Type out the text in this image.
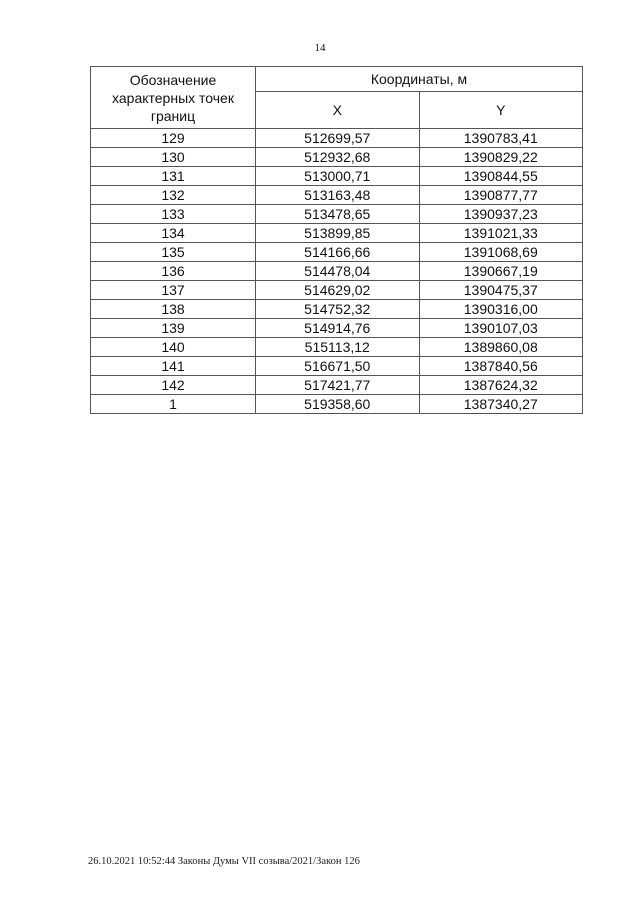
14
Обозначение характерных точек границ	Координаты, м	
	X	Y
129	512699,57	1390783,41
130	512932,68	1390829,22
131	513000,71	1390844,55
132	513163,48	1390877,77
133	513478,65	1390937,23
134	513899,85	1391021,33
135	514166,66	1391068,69
136	514478,04	1390667,19
137	514629,02	1390475,37
138	514752,32	1390316,00
139	514914,76	1390107,03
140	515113,12	1389860,08
141	516671,50	1387840,56
142	517421,77	1387624,32
1	519358,60	1387340,27
26.10.2021 10:52:44 Законы Думы VII созыва/2021/Закон 126
